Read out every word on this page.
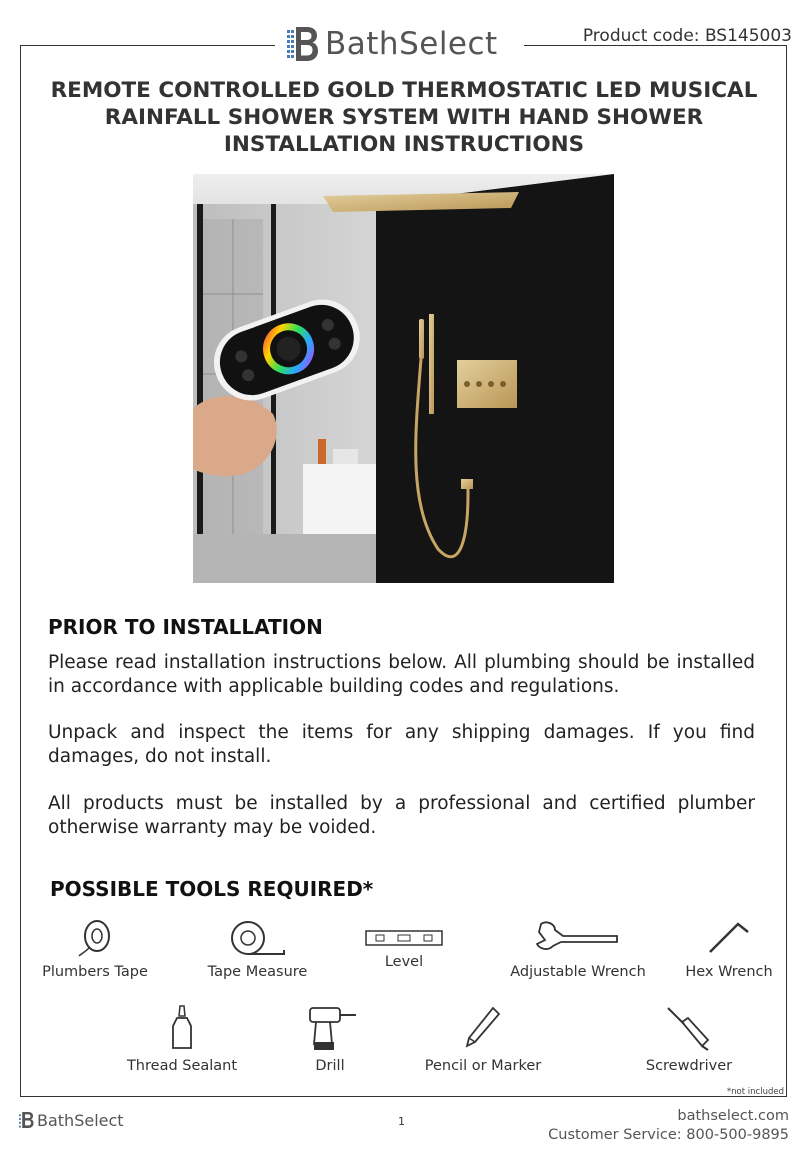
BathSelect	Product code: BS145003
REMOTE CONTROLLED GOLD THERMOSTATIC LED MUSICAL
RAINFALL SHOWER SYSTEM WITH HAND SHOWER
INSTALLATION INSTRUCTIONS
PRIOR TO INSTALLATION
Please read installation instructions below. All plumbing should be installed in accordance with applicable building codes and regulations.
Unpack and inspect the items for any shipping damages. If you find damages, do not install.
All products must be installed by a professional and certified plumber otherwise warranty may be voided.
POSSIBLE TOOLS REQUIRED*
Plumbers Tape	Tape Measure
Level
Adjustable Wrench	Hex Wrench
Thread Sealant	Drill	Pencil or Marker	Screwdriver
*not included
BathSelect	1	bathselect.com
Customer Service: 800-500-9895
